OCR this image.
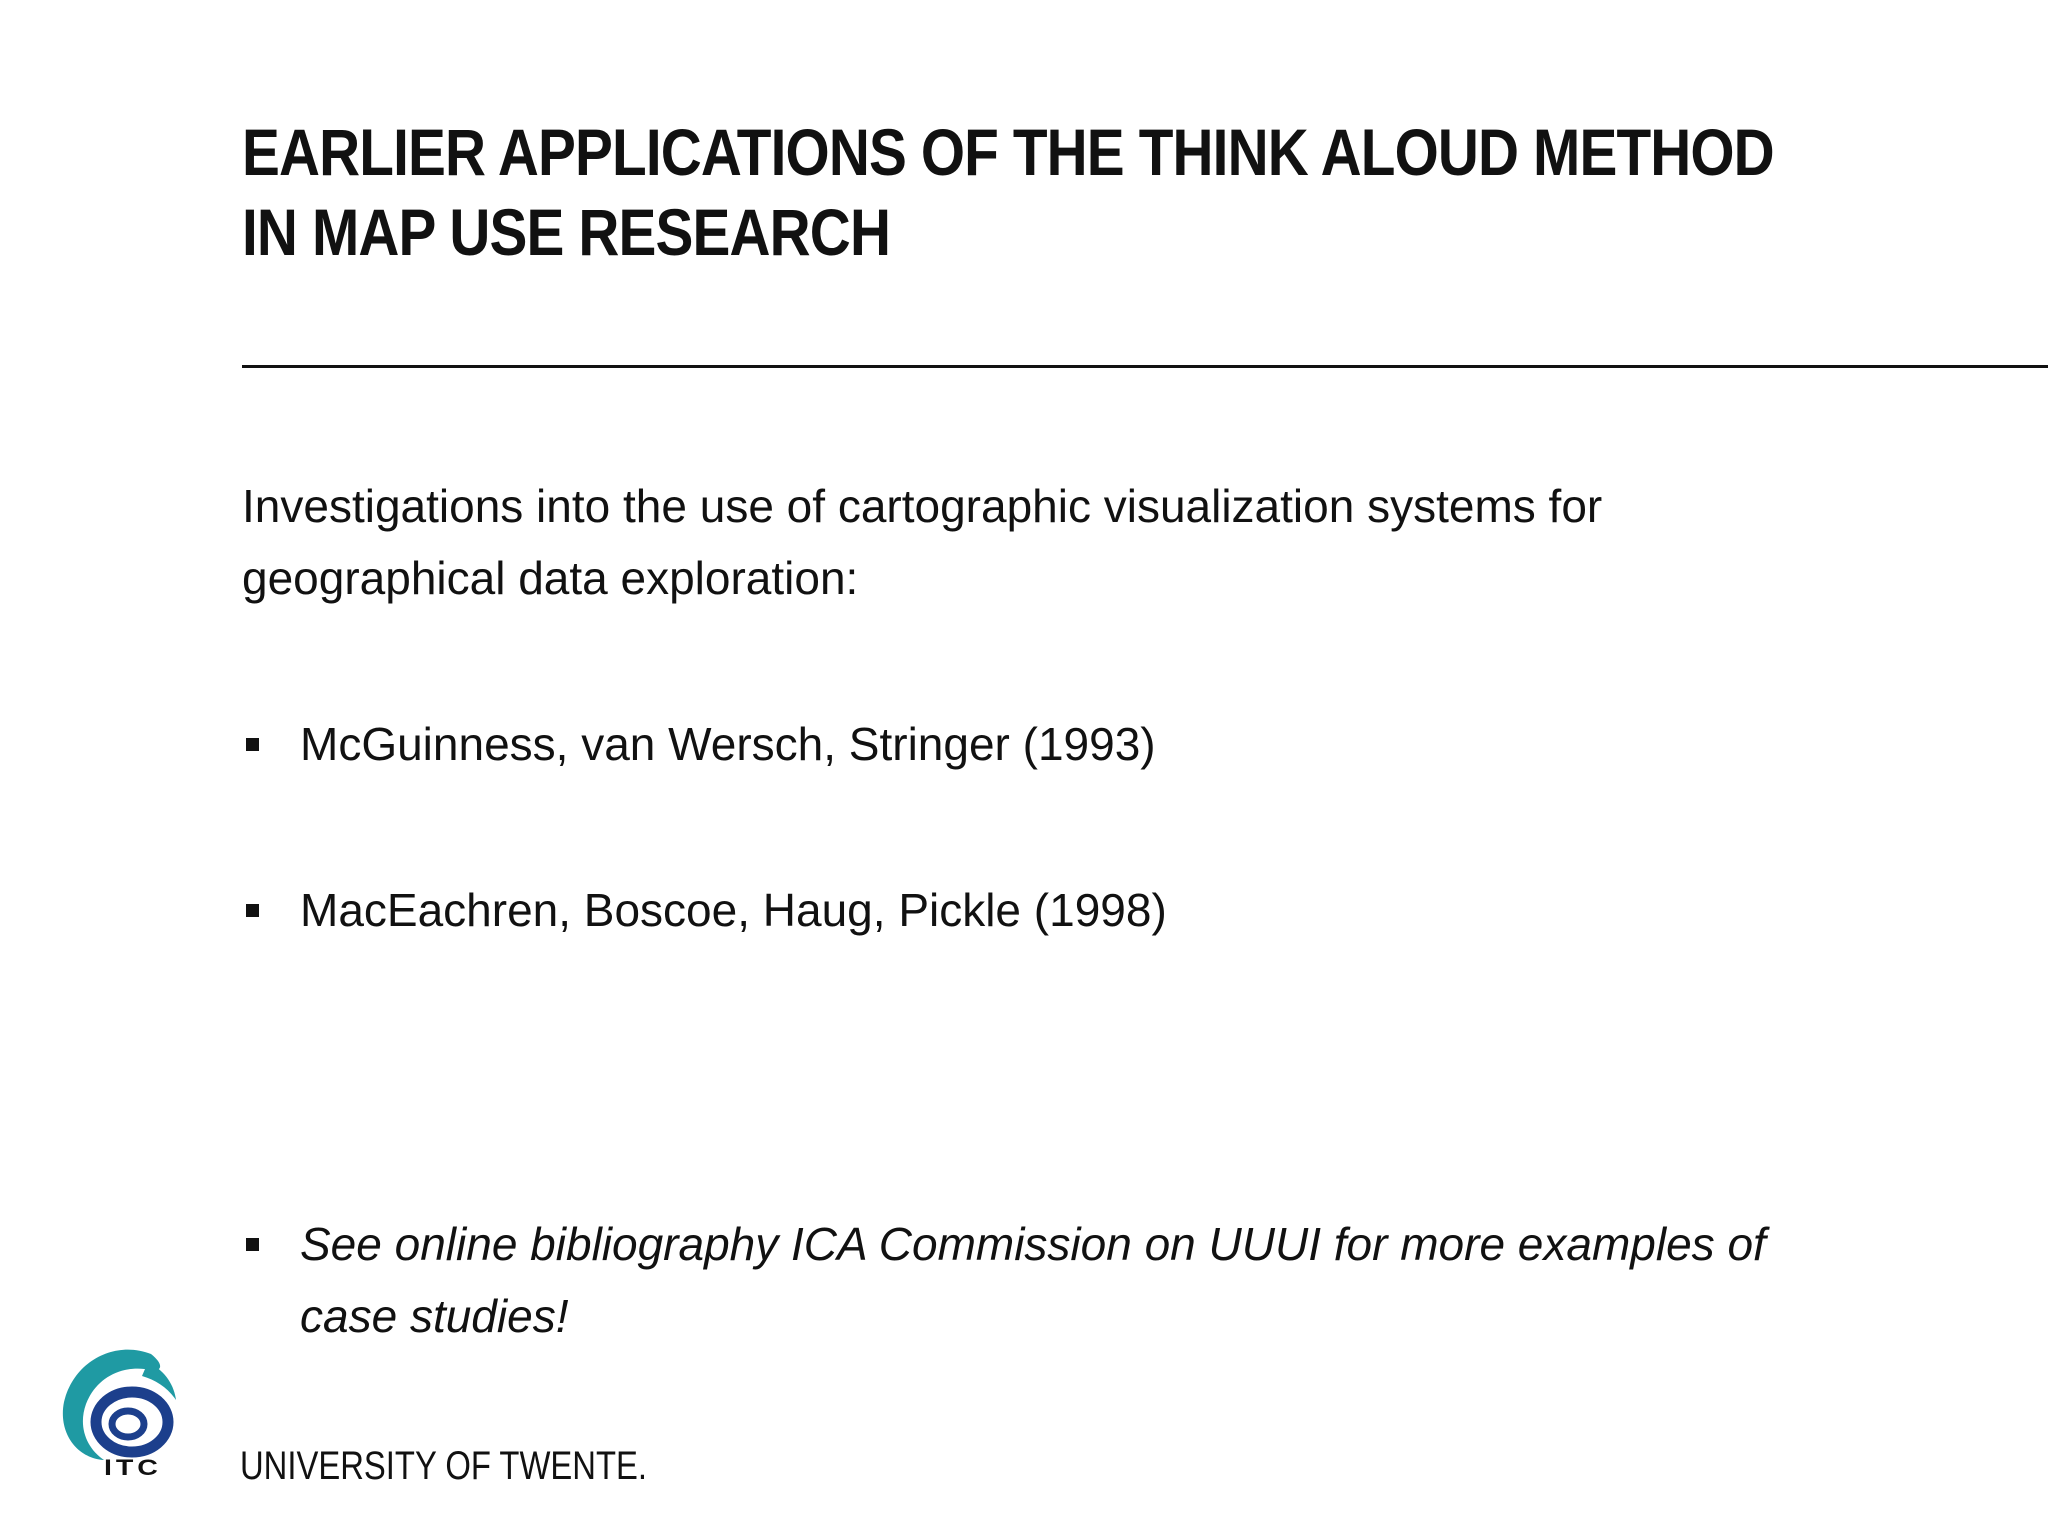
EARLIER APPLICATIONS OF THE THINK ALOUD METHOD
IN MAP USE RESEARCH

Investigations into the use of cartographic visualization systems for
geographical data exploration:

McGuinness, van Wersch, Stringer (1993)
MacEachren, Boscoe, Haug, Pickle (1998)
See online bibliography ICA Commission on UUUI for more examples of
case studies!
ITC UNIVERSITY OF TWENTE.
